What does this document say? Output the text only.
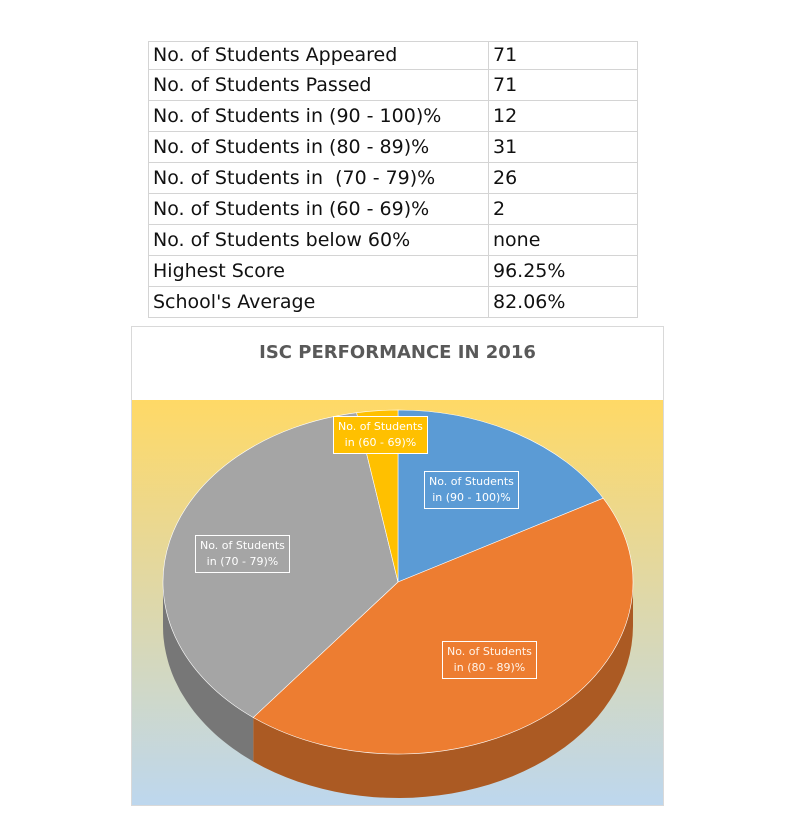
No. of Students Appeared	71
No. of Students Passed	71
No. of Students in (90 - 100)%	12
No. of Students in (80 - 89)%	31
No. of Students in  (70 - 79)%	26
No. of Students in (60 - 69)%	2
No. of Students below 60%	none
Highest Score	96.25%
School's Average	82.06%
ISC PERFORMANCE IN 2016
No. of Students
in (90 - 100)%
No. of Students
in (80 - 89)%
No. of Students
in (70 - 79)%
No. of Students
in (60 - 69)%
